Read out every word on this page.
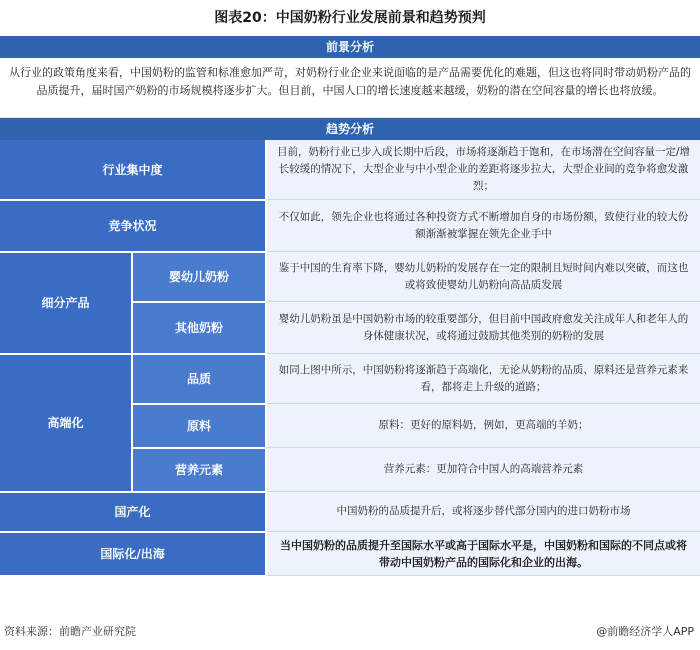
图表20：中国奶粉行业发展前景和趋势预判
前景分析
从行业的政策角度来看，中国奶粉的监管和标准愈加严苛，对奶粉行业企业来说面临的是产品需要优化的难题，但这也将同时带动奶粉产品的品质提升，届时国产奶粉的市场规模将逐步扩大。但目前，中国人口的增长速度越来越缓，奶粉的潜在空间容量的增长也将放缓。
趋势分析
行业集中度		目前，奶粉行业已步入成长期中后段，市场将逐渐趋于饱和，在市场潜在空间容量一定/增长较缓的情况下，大型企业与中小型企业的差距将逐步拉大，大型企业间的竞争将愈发激烈；
竞争状况		不仅如此，领先企业也将通过各种投资方式不断增加自身的市场份额，致使行业的较大份额渐渐被掌握在领先企业手中
细分产品	婴幼儿奶粉	鉴于中国的生育率下降，婴幼儿奶粉的发展存在一定的限制且短时间内难以突破，而这也或将致使婴幼儿奶粉向高品质发展
	其他奶粉	婴幼儿奶粉虽是中国奶粉市场的较重要部分，但目前中国政府愈发关注成年人和老年人的身体健康状况，或将通过鼓励其他类别的奶粉的发展
高端化	品质	如同上图中所示，中国奶粉将逐渐趋于高端化，无论从奶粉的品质、原料还是营养元素来看，都将走上升级的道路；
	原料	原料：更好的原料奶，例如，更高端的羊奶；
	营养元素	营养元素：更加符合中国人的高端营养元素
国产化		中国奶粉的品质提升后，或将逐步替代部分国内的进口奶粉市场
国际化/出海		当中国奶粉的品质提升至国际水平或高于国际水平是，中国奶粉和国际的不同点或将带动中国奶粉产品的国际化和企业的出海。
资料来源：前瞻产业研究院	@前瞻经济学人APP
